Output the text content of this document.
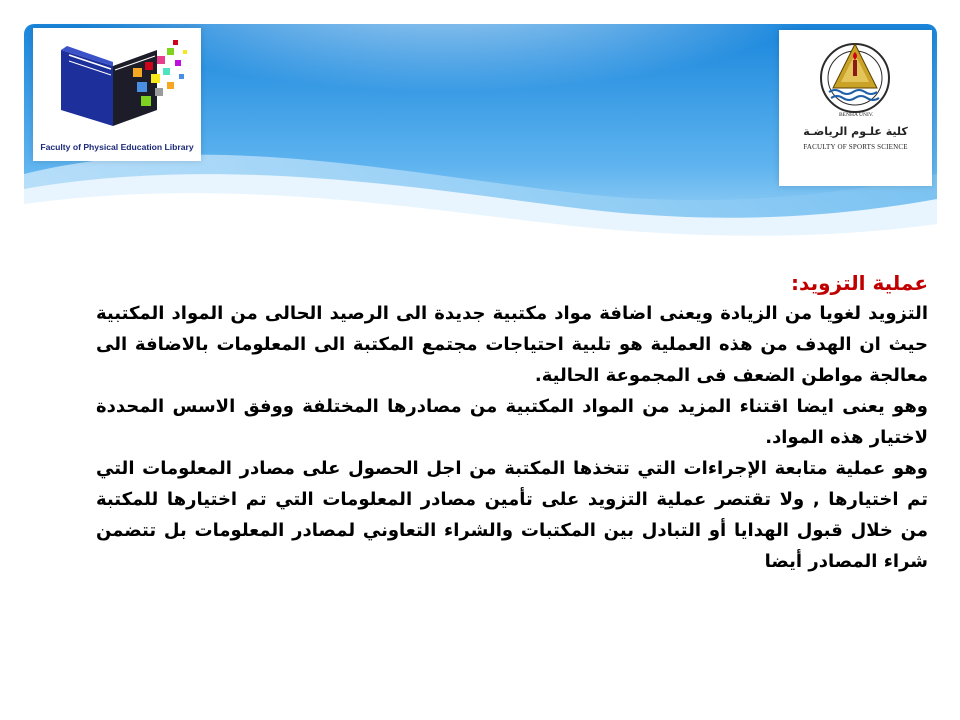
Faculty of Physical Education Library
BENHA UNIV.
كلية علـوم الرياضـة
FACULTY OF SPORTS SCIENCE

عملية التزويد:

التزويد لغويا من الزيادة ويعنى اضافة مواد مكتبية جديدة الى الرصيد الحالى من المواد المكتبية حيث ان الهدف من هذه العملية هو تلبية احتياجات مجتمع المكتبة الى المعلومات بالاضافة الى معالجة مواطن الضعف فى المجموعة الحالية.

وهو يعنى ايضا اقتناء المزيد من المواد المكتبية من مصادرها المختلفة ووفق الاسس المحددة لاختيار هذه المواد.

وهو عملية متابعة الإجراءات التي تتخذها المكتبة من اجل الحصول على مصادر المعلومات التي تم اختيارها , ولا تقتصر عملية التزويد على تأمين مصادر المعلومات التي تم اختيارها للمكتبة من خلال قبول الهدايا أو التبادل بين المكتبات والشراء التعاوني لمصادر المعلومات بل تتضمن شراء المصادر أيضا
